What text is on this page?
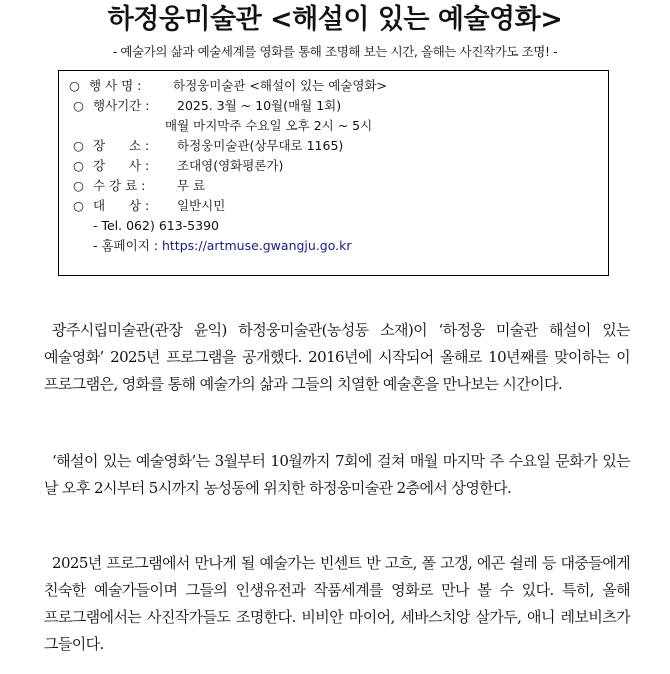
하정웅미술관 <해설이 있는 예술영화>
- 예술가의 삶과 예술세계를 영화를 통해 조명해 보는 시간, 올해는 사진작가도 조명! -
○ 행 사 명 :	하정웅미술관 <해설이 있는 예술영화>
○ 행사기간 : 2025. 3월 ~ 10월(매월 1회)
매월 마지막주 수요일 오후 2시 ~ 5시
○ 장      소 : 하정웅미술관(상무대로 1165)
○ 강      사 : 조대영(영화평론가)
○ 수 강 료 :	무 료
○ 대      상 : 일반시민
- Tel. 062) 613-5390
- 홈페이지 : https://artmuse.gwangju.go.kr

광주시립미술관(관장 윤익) 하정웅미술관(농성동 소재)이 ‘하정웅 미술관 해설이 있는 예술영화’ 2025년 프로그램을 공개했다. 2016년에 시작되어 올해로 10년째를 맞이하는 이 프로그램은, 영화를 통해 예술가의 삶과 그들의 치열한 예술혼을 만나보는 시간이다.

‘해설이 있는 예술영화’는 3월부터 10월까지 7회에 걸쳐 매월 마지막 주 수요일 문화가 있는 날 오후 2시부터 5시까지 농성동에 위치한 하정웅미술관 2층에서 상영한다.

2025년 프로그램에서 만나게 될 예술가는 빈센트 반 고흐, 폴 고갱, 에곤 쉴레 등 대중들에게 친숙한 예술가들이며 그들의 인생유전과 작품세계를 영화로 만나 볼 수 있다. 특히, 올해 프로그램에서는 사진작가들도 조명한다. 비비안 마이어, 세바스치앙 살가두, 애니 레보비츠가 그들이다.
